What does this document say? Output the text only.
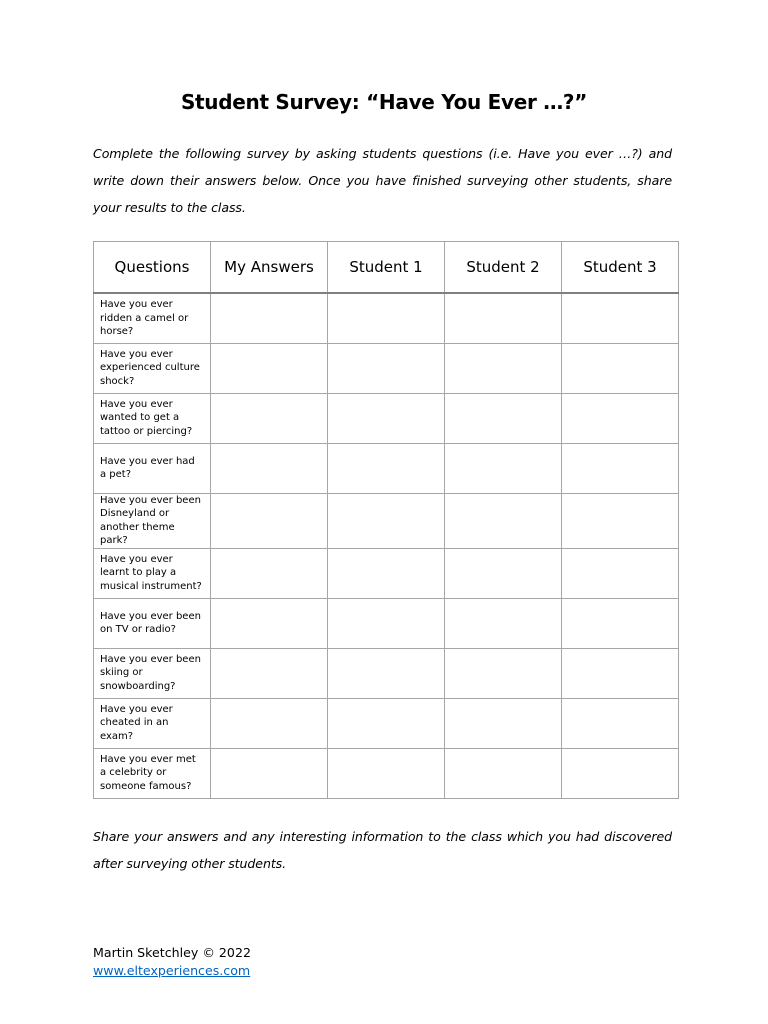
Student Survey: “Have You Ever …?”

Complete the following survey by asking students questions (i.e. Have you ever …?) and write down their answers below. Once you have finished surveying other students, share your results to the class.

Questions	My Answers	Student 1	Student 2	Student 3
Have you ever ridden a camel or horse?				
Have you ever experienced culture shock?				
Have you ever wanted to get a tattoo or piercing?				
Have you ever had a pet?				
Have you ever been Disneyland or another theme park?				
Have you ever learnt to play a musical instrument?				
Have you ever been on TV or radio?				
Have you ever been skiing or snowboarding?				
Have you ever cheated in an exam?				
Have you ever met a celebrity or someone famous?				

Share your answers and any interesting information to the class which you had discovered after surveying other students.

Martin Sketchley © 2022
www.eltexperiences.com
